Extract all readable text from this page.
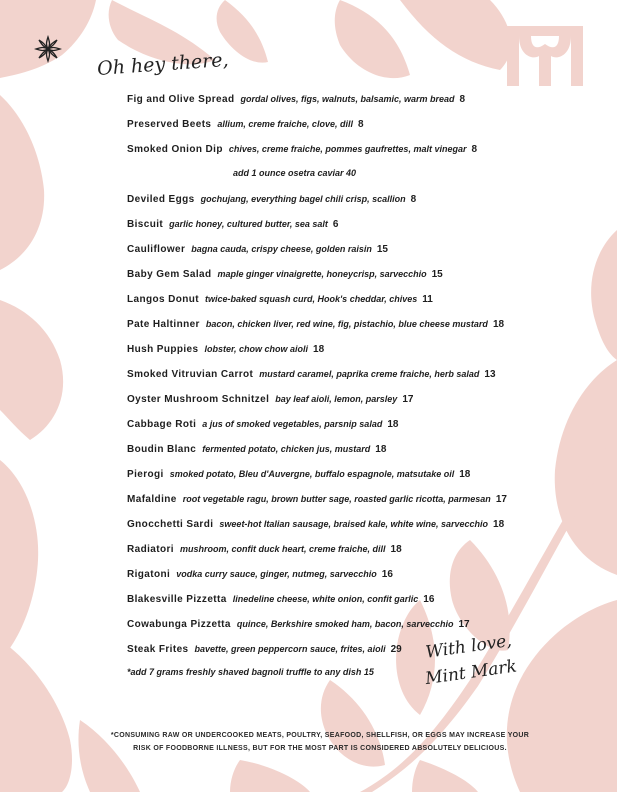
Oh hey there,
Fig and Olive Spread gordal olives, figs, walnuts, balsamic, warm bread 8
Preserved Beets allium, creme fraiche, clove, dill 8
Smoked Onion Dip chives, creme fraiche, pommes gaufrettes, malt vinegar 8
Deviled Eggs gochujang, everything bagel chili crisp, scallion 8
Biscuit garlic honey, cultured butter, sea salt 6
Cauliflower bagna cauda, crispy cheese, golden raisin 15
Baby Gem Salad maple ginger vinaigrette, honeycrisp, sarvecchio 15
Langos Donut twice-baked squash curd, Hook's cheddar, chives 11
Pate Haltinner bacon, chicken liver, red wine, fig, pistachio, blue cheese mustard 18
Hush Puppies lobster, chow chow aioli 18
Smoked Vitruvian Carrot mustard caramel, paprika creme fraiche, herb salad 13
Oyster Mushroom Schnitzel bay leaf aioli, lemon, parsley 17
Cabbage Roti a jus of smoked vegetables, parsnip salad 18
Boudin Blanc fermented potato, chicken jus, mustard 18
Pierogi smoked potato, Bleu d'Auvergne, buffalo espagnole, matsutake oil 18
Mafaldine root vegetable ragu, brown butter sage, roasted garlic ricotta, parmesan 17
Gnocchetti Sardi sweet-hot Italian sausage, braised kale, white wine, sarvecchio 18
Radiatori mushroom, confit duck heart, creme fraiche, dill 18
Rigatoni vodka curry sauce, ginger, nutmeg, sarvecchio 16
Blakesville Pizzetta linedeline cheese, white onion, confit garlic 16
Cowabunga Pizzetta quince, Berkshire smoked ham, bacon, sarvecchio 17
Steak Frites bavette, green peppercorn sauce, frites, aioli 29
add 1 ounce osetra caviar 40
*add 7 grams freshly shaved bagnoli truffle to any dish 15
With love,
Mint Mark
*CONSUMING RAW OR UNDERCOOKED MEATS, POULTRY, SEAFOOD, SHELLFISH, OR EGGS MAY INCREASE YOUR
RISK OF FOODBORNE ILLNESS, BUT FOR THE MOST PART IS CONSIDERED ABSOLUTELY DELICIOUS.
